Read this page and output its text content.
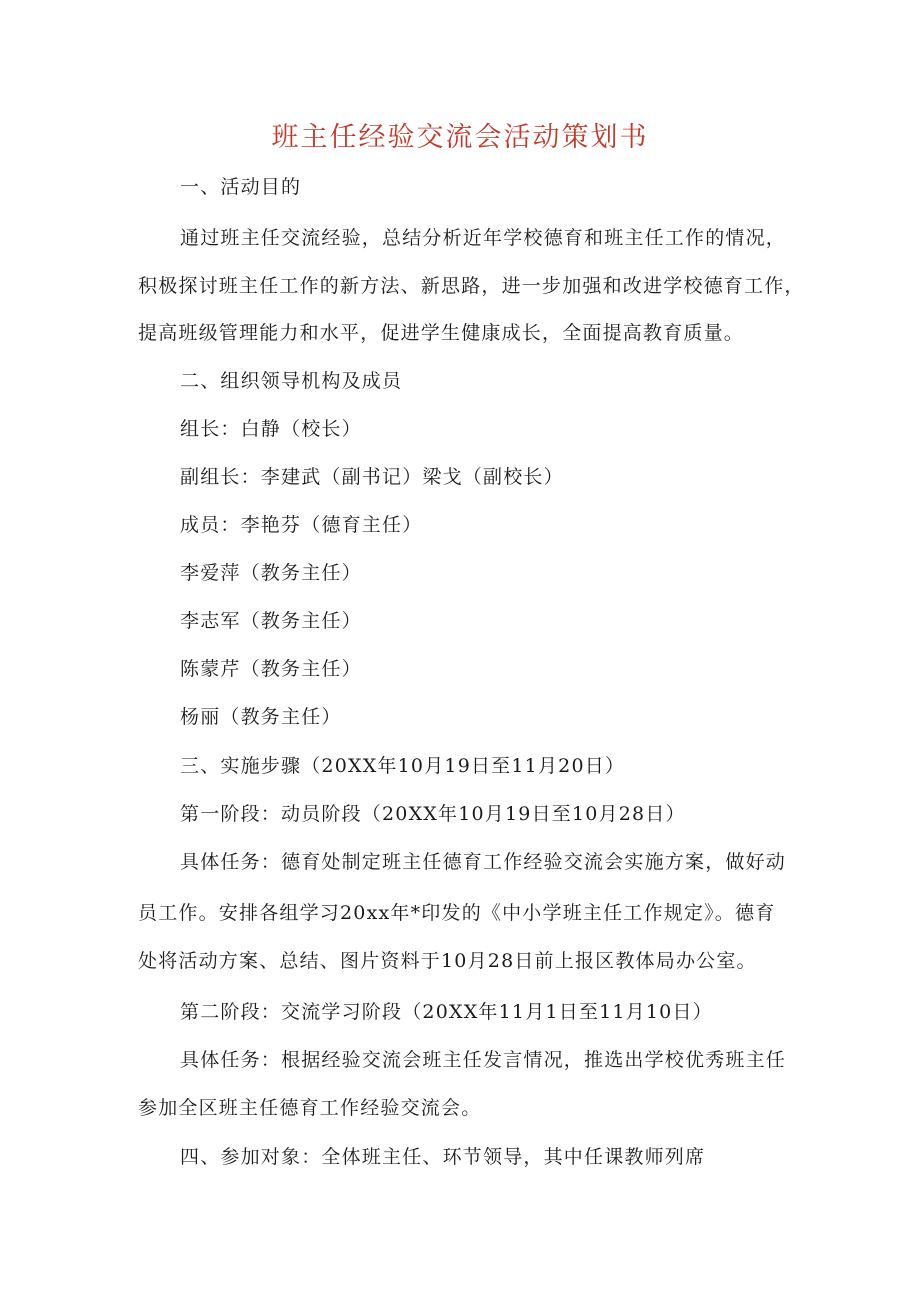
班主任经验交流会活动策划书
一、活动目的
通过班主任交流经验，总结分析近年学校德育和班主任工作的情况，
积极探讨班主任工作的新方法、新思路，进一步加强和改进学校德育工作，
提高班级管理能力和水平，促进学生健康成长，全面提高教育质量。
二、组织领导机构及成员
组长：白静（校长）
副组长：李建武（副书记）梁戈（副校长）
成员：李艳芬（德育主任）
李爱萍（教务主任）
李志军（教务主任）
陈蒙芹（教务主任）
杨丽（教务主任）
三、实施步骤（20XX年10月19日至11月20日）
第一阶段：动员阶段（20XX年10月19日至10月28日）
具体任务：德育处制定班主任德育工作经验交流会实施方案，做好动
员工作。安排各组学习20xx年*印发的《中小学班主任工作规定》。德育
处将活动方案、总结、图片资料于10月28日前上报区教体局办公室。
第二阶段：交流学习阶段（20XX年11月1日至11月10日）
具体任务：根据经验交流会班主任发言情况，推选出学校优秀班主任
参加全区班主任德育工作经验交流会。
四、参加对象：全体班主任、环节领导，其中任课教师列席
